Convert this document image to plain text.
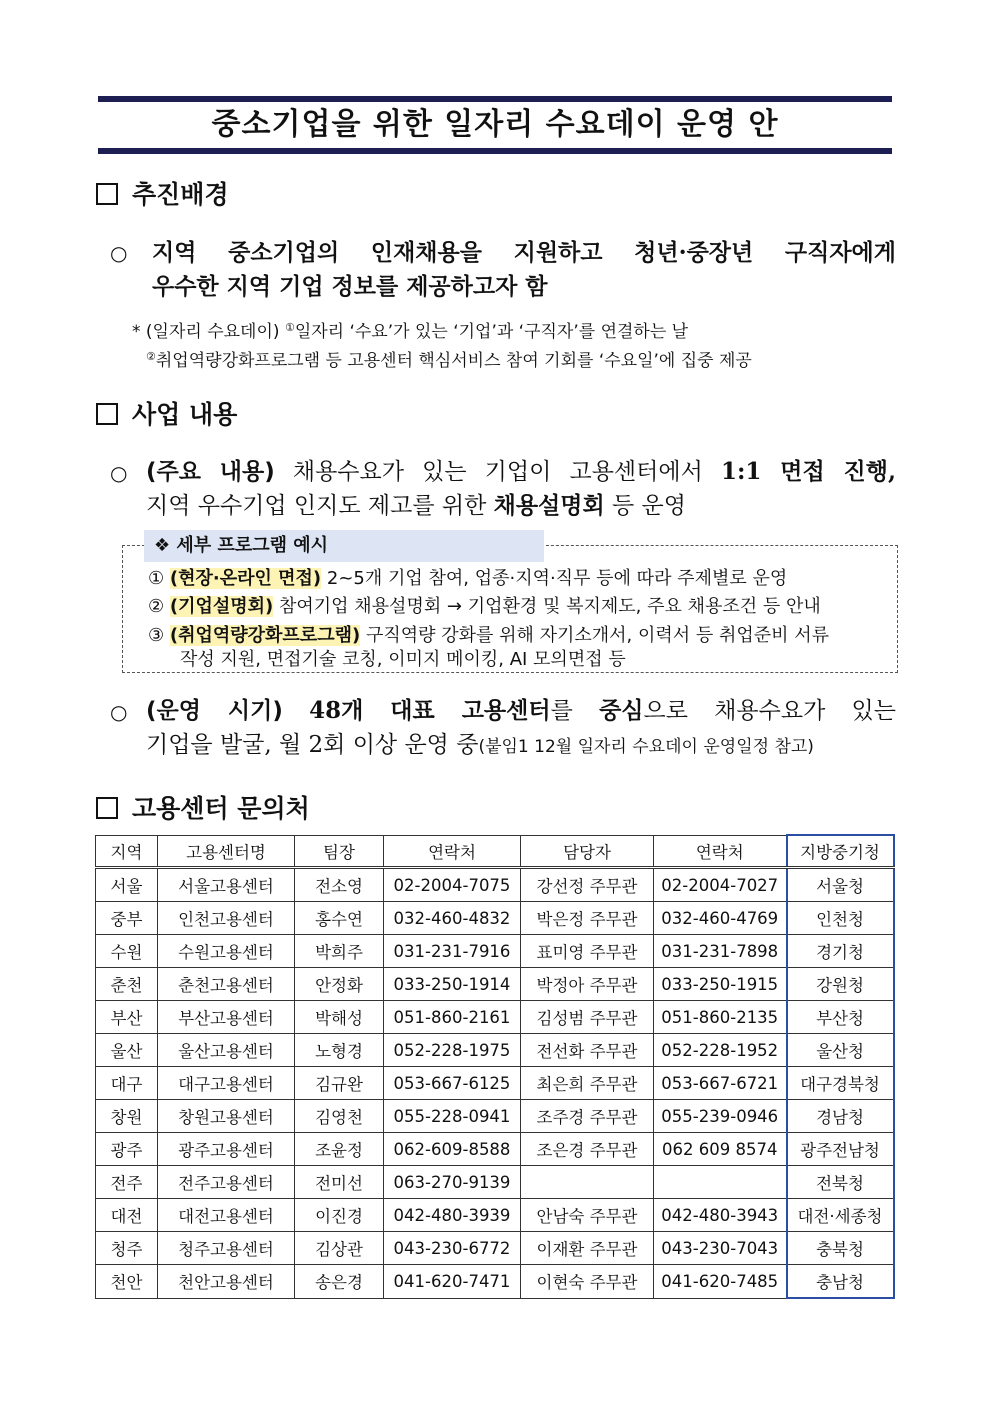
중소기업을 위한 일자리 수요데이 운영 안
추진배경
○ 지역 중소기업의 인재채용을 지원하고 청년·중장년 구직자에게
우수한 지역 기업 정보를 제공하고자 함
* (일자리 수요데이) ①일자리 ‘수요’가 있는 ‘기업’과 ‘구직자’를 연결하는 날
②취업역량강화프로그램 등 고용센터 핵심서비스 참여 기회를 ‘수요일’에 집중 제공
사업 내용
○ (주요 내용) 채용수요가 있는 기업이 고용센터에서 1:1 면접 진행,
지역 우수기업 인지도 제고를 위한 채용설명회 등 운영
❖ 세부 프로그램 예시
① (현장·온라인 면접) 2~5개 기업 참여, 업종·지역·직무 등에 따라 주제별로 운영
② (기업설명회) 참여기업 채용설명회 → 기업환경 및 복지제도, 주요 채용조건 등 안내
③ (취업역량강화프로그램) 구직역량 강화를 위해 자기소개서, 이력서 등 취업준비 서류
작성 지원, 면접기술 코칭, 이미지 메이킹, AI 모의면접 등
○ (운영 시기) 48개 대표 고용센터를 중심으로 채용수요가 있는
기업을 발굴, 월 2회 이상 운영 중(붙임1 12월 일자리 수요데이 운영일정 참고)
고용센터 문의처
지역	고용센터명	팀장	연락처	담당자	연락처	지방중기청
서울	서울고용센터	전소영	02-2004-7075	강선정 주무관	02-2004-7027	서울청
중부	인천고용센터	홍수연	032-460-4832	박은정 주무관	032-460-4769	인천청
수원	수원고용센터	박희주	031-231-7916	표미영 주무관	031-231-7898	경기청
춘천	춘천고용센터	안정화	033-250-1914	박정아 주무관	033-250-1915	강원청
부산	부산고용센터	박해성	051-860-2161	김성범 주무관	051-860-2135	부산청
울산	울산고용센터	노형경	052-228-1975	전선화 주무관	052-228-1952	울산청
대구	대구고용센터	김규완	053-667-6125	최은희 주무관	053-667-6721	대구경북청
창원	창원고용센터	김영천	055-228-0941	조주경 주무관	055-239-0946	경남청
광주	광주고용센터	조윤정	062-609-8588	조은경 주무관	062 609 8574	광주전남청
전주	전주고용센터	전미선	063-270-9139			전북청
대전	대전고용센터	이진경	042-480-3939	안남숙 주무관	042-480-3943	대전·세종청
청주	청주고용센터	김상관	043-230-6772	이재환 주무관	043-230-7043	충북청
천안	천안고용센터	송은경	041-620-7471	이현숙 주무관	041-620-7485	충남청
